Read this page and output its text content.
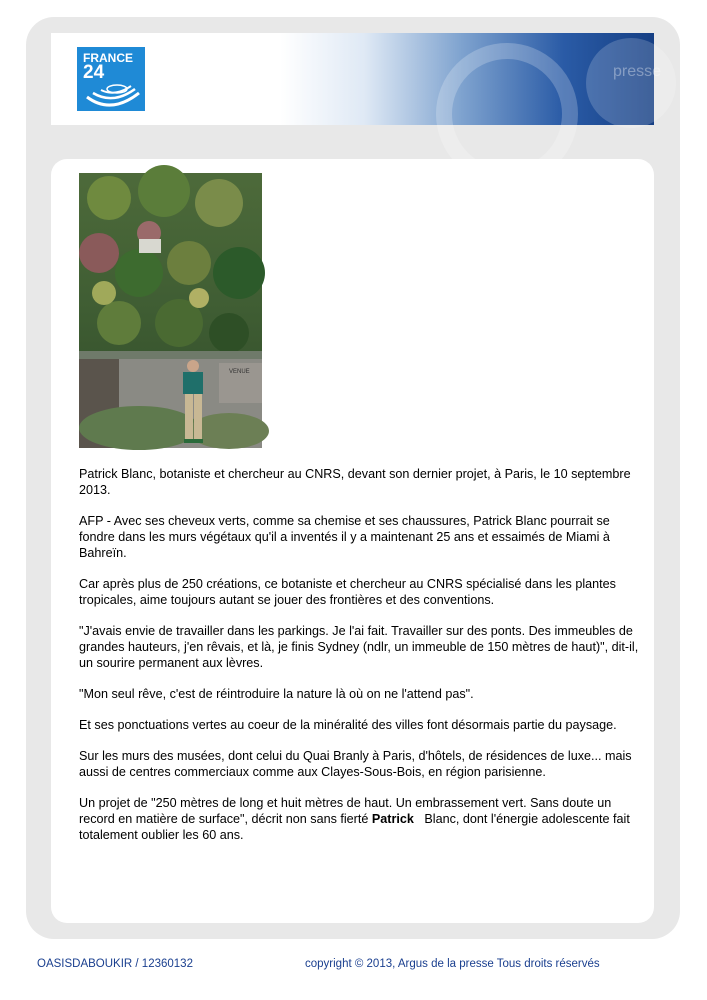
presse
FRANCE
24
VENUE

Patrick Blanc, botaniste et chercheur au CNRS, devant son dernier projet, à Paris, le 10 septembre 2013.

AFP - Avec ses cheveux verts, comme sa chemise et ses chaussures, Patrick Blanc pourrait se fondre dans les murs végétaux qu'il a inventés il y a maintenant 25 ans et essaimés de Miami à Bahreïn.

Car après plus de 250 créations, ce botaniste et chercheur au CNRS spécialisé dans les plantes tropicales, aime toujours autant se jouer des frontières et des conventions.

"J'avais envie de travailler dans les parkings. Je l'ai fait. Travailler sur des ponts. Des immeubles de grandes hauteurs, j'en rêvais, et là, je finis Sydney (ndlr, un immeuble de 150 mètres de haut)", dit-il, un sourire permanent aux lèvres.

"Mon seul rêve, c'est de réintroduire la nature là où on ne l'attend pas".

Et ses ponctuations vertes au coeur de la minéralité des villes font désormais partie du paysage.

Sur les murs des musées, dont celui du Quai Branly à Paris, d'hôtels, de résidences de luxe... mais aussi de centres commerciaux comme aux Clayes-Sous-Bois, en région parisienne.

Un projet de "250 mètres de long et huit mètres de haut. Un embrassement vert. Sans doute un record en matière de surface", décrit non sans fierté Patrick   Blanc, dont l'énergie adolescente fait totalement oublier les 60 ans.

OASISDABOUKIR / 12360132	copyright © 2013, Argus de la presse Tous droits réservés
